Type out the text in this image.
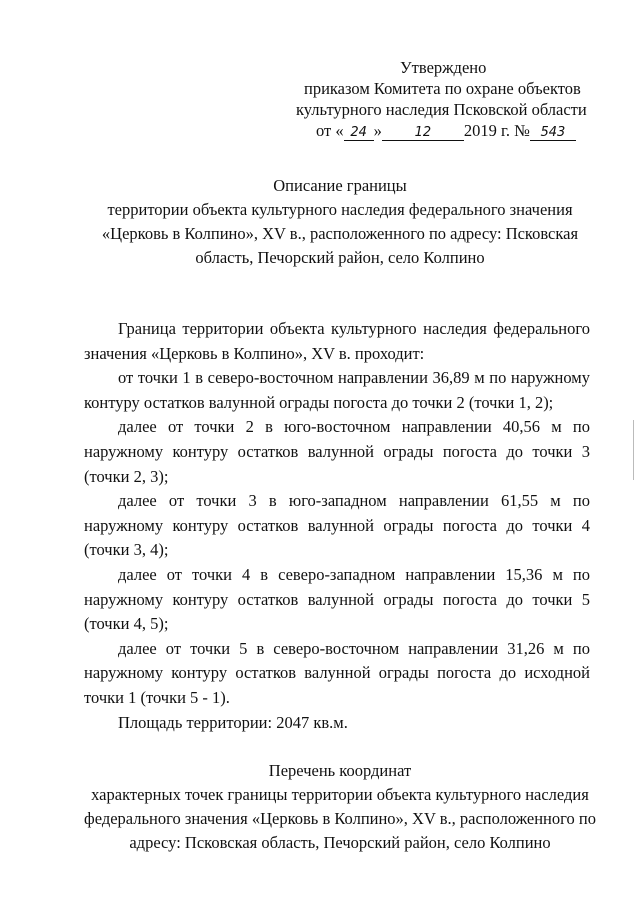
Утверждено
приказом Комитета по охране объектов
культурного наследия Псковской области
от « 24 »	12 2019 г. № 543
Описание границы
территории объекта культурного наследия федерального значения
«Церковь в Колпино», XV в., расположенного по адресу: Псковская
область, Печорский район, село Колпино

Граница территории объекта культурного наследия федерального значения «Церковь в Колпино», XV в. проходит:

от точки 1 в северо-восточном направлении 36,89 м по наружному контуру остатков валунной ограды погоста до точки 2 (точки 1, 2);

далее от точки 2 в юго-восточном направлении 40,56 м по наружному контуру остатков валунной ограды погоста до точки 3 (точки 2, 3);

далее от точки 3 в юго-западном направлении 61,55 м по наружному контуру остатков валунной ограды погоста до точки 4 (точки 3, 4);

далее от точки 4 в северо-западном направлении 15,36 м по наружному контуру остатков валунной ограды погоста до точки 5 (точки 4, 5);

далее от точки 5 в северо-восточном направлении 31,26 м по наружному контуру остатков валунной ограды погоста до исходной точки 1 (точки 5 - 1).

Площадь территории: 2047 кв.м.

Перечень координат
характерных точек границы территории объекта культурного наследия
федерального значения «Церковь в Колпино», XV в., расположенного по
адресу: Псковская область, Печорский район, село Колпино
